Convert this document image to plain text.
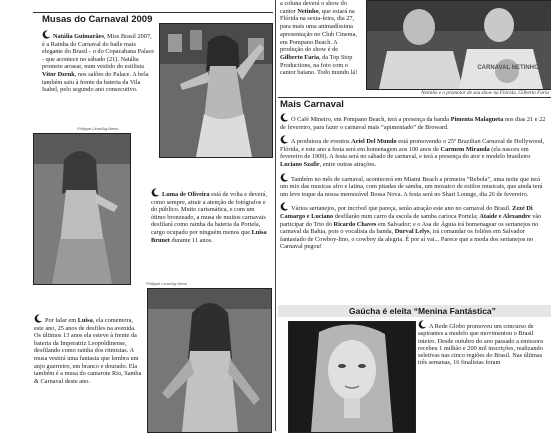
Musas do Carnaval 2009
Natália Guimarães, Miss Brasil 2007, é a Rainha do Carnaval do baile mais elegante do Brasil - o do Copacabana Palace - que acontece no sábado (21). Natália promete arrasar, num vestido do estilista Vitor Dzenk, nos salões do Palace. A bela também saiu à frente da bateria da Vila Isabel, pelo segundo ano consecutivo.
Philippe Lima/Ag.News
Luma de Oliveira está de volta e deverá, como sempre, atrair a atenção de fotógrafos e do público. Muito carismática, e com um ótimo bronzeado, a musa de muitos carnavais desfilará como rainha da bateria da Portela, cargo ocupado por ninguém menos que Luisa Brunet durante 11 anos.
Philippe Lima/Ag.News
Por falar em Luisa, ela comemora, este ano, 25 anos de desfiles na avenida. Os últimos 13 anos ela esteve à frente da bateria da Imperatriz Leopoldinense, desfilando como rainha dos ritmistas. A musa vestirá uma fantasia que lembra um anjo guerreiro, em branco e dourado. Ela também é a musa do camarote Rio, Samba & Carnaval deste ano.
a coluna deverá o show do cantor Netinho, que estará na Flórida na sexta-feira, dia 27, para mais uma animadíssima apresentação no Club Cinema, em Pompano Beach. A produção do show é de Gilberto Faria, da Top Stop Productions, na foto com o cantor baiano. Todo mundo lá!
CARNAVAL NETINHO
Netinho e o promotor de seu show na Flórida, Gilberto Faria
Mais Carnaval

O Café Mineiro, em Pompano Beach, terá a presença da banda Pimenta Malagueta nos dias 21 e 22 de fevereiro, para fazer o carnaval mais “apimentado” de Broward.

A produtora de eventos Ariel Del Mundo está promovendo o 25º Brazilian Carnaval de Hollywood, Flórida, e este ano a festa será em homenagem aos 100 anos de Carmem Miranda (ela nasceu em fevereiro de 1909). A festa será no sábado de carnaval, e terá a presença do ator e modelo brasileiro Luciano Szafir, entre outras atrações.

Também no mês de carnaval, acontecerá em Miami Beach a primeira “Rebola”, uma noite que terá um mix das musicas afro e latina, com pitadas de samba, um mosaico de estilos musicais, que ainda terá um leve toque da nossa memorável Bossa Nova. A festa será no Shari Lounge, dia 26 de fevereiro.

Vários sertanejos, por incrível que pareça, serão atração este ano no carnaval do Brasil. Zezé Di Camargo e Luciano desfilarão num carro da escola de samba carioca Portela; Ataíde e Alexandre vão participar do Trio do Ricardo Chaves em Salvador; e o Asa de Águia irá homenagear os sertanejos no carnaval da Bahia, pois o vocalista da banda, Durval Lelys, irá comandar os foliões em Salvador fantasiado de Cowboy-lino, o cowboy da alegria. É por aí vai... Parece que a moda dos sertanejos no Carnaval pegou!

Gaúcha é eleita “Menina Fantástica”
A Rede Globo promoveu um concurso de aspirantes a modelo que movimentou o Brasil inteiro. Desde outubro do ano passado a emissora recebeu 1 milhão e 200 mil inscrições, realizando seletivas nas cinco regiões do Brasil. Nas últimas três semanas, 16 finalistas foram
